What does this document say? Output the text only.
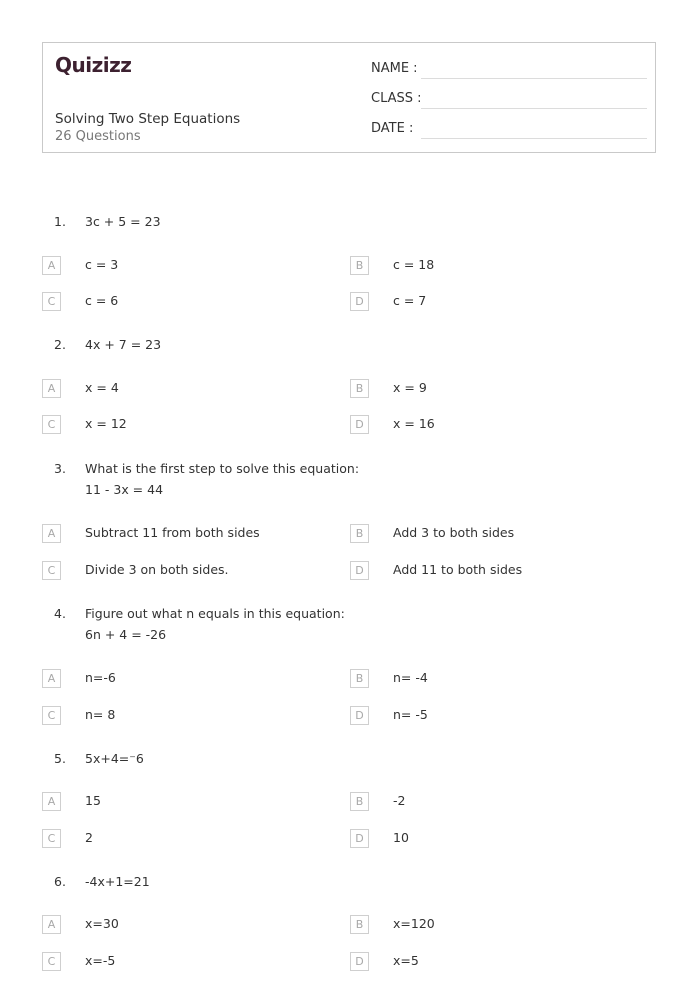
Quizizz
Solving Two Step Equations
26 Questions
NAME :
CLASS :
DATE :
1. 3c + 5 = 23
A	c = 3	B	c = 18
C	c = 6	D	c = 7
2. 4x + 7 = 23
A	x = 4	B	x = 9
C	x = 12	D	x = 16
3. What is the first step to solve this equation:
11 - 3x = 44
A	Subtract 11 from both sides	B	Add 3 to both sides
C	Divide 3 on both sides.	D	Add 11 to both sides
4. Figure out what n equals in this equation:
6n + 4 = -26
A	n=-6	B	n= -4
C	n= 8	D	n= -5
5. 5x+4=⁻6
A	15	B	-2
C	2	D	10
6. -4x+1=21
A	x=30	B	x=120
C	x=-5	D	x=5
